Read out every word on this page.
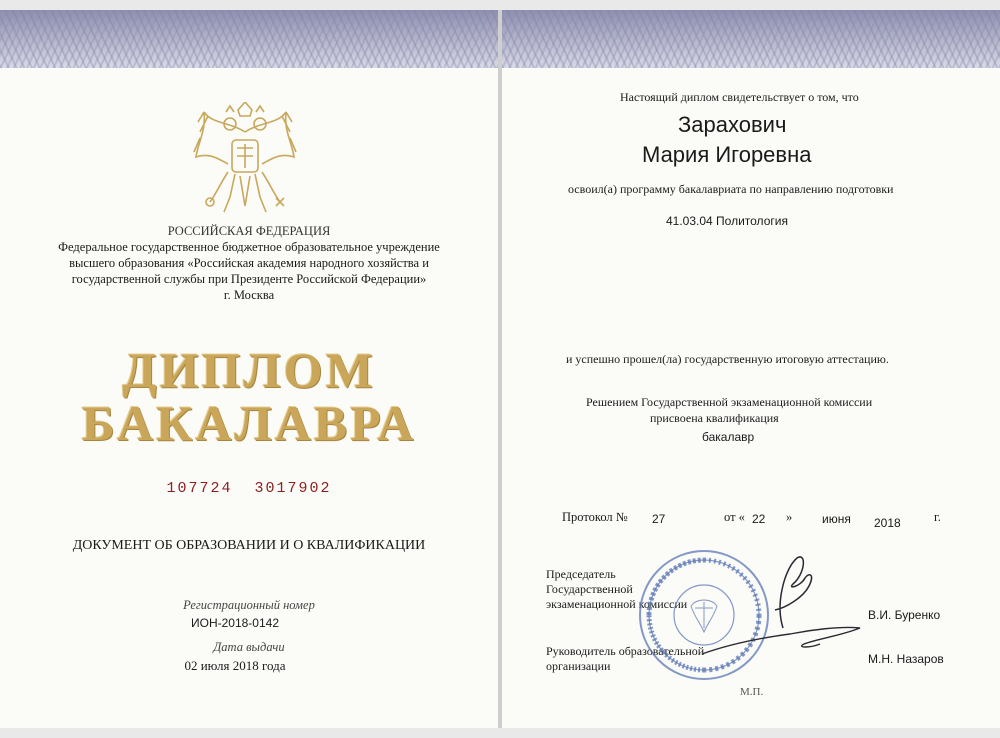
РОССИЙСКАЯ ФЕДЕРАЦИЯ
Федеральное государственное бюджетное образовательное учреждение
высшего образования «Российская академия народного хозяйства и
государственной службы при Президенте Российской Федерации»
г. Москва
ДИПЛОМ
БАКАЛАВРА
107724  3017902
ДОКУМЕНТ ОБ ОБРАЗОВАНИИ И О КВАЛИФИКАЦИИ
Регистрационный номер
ИОН-2018-0142
Дата выдачи
02 июля 2018 года
Настоящий диплом свидетельствует о том, что
Зарахович
Мария Игоревна
освоил(а) программу бакалавриата по направлению подготовки
41.03.04 Политология
и успешно прошел(ла) государственную итоговую аттестацию.
Решением Государственной экзаменационной комиссии
присвоена квалификация
бакалавр
Протокол № 27	от « 22 » июня 2018	г.
Председатель
Государственной
экзаменационной комиссии
В.И. Буренко
Руководитель образовательной
организации	М.Н. Назаров
М.П.
